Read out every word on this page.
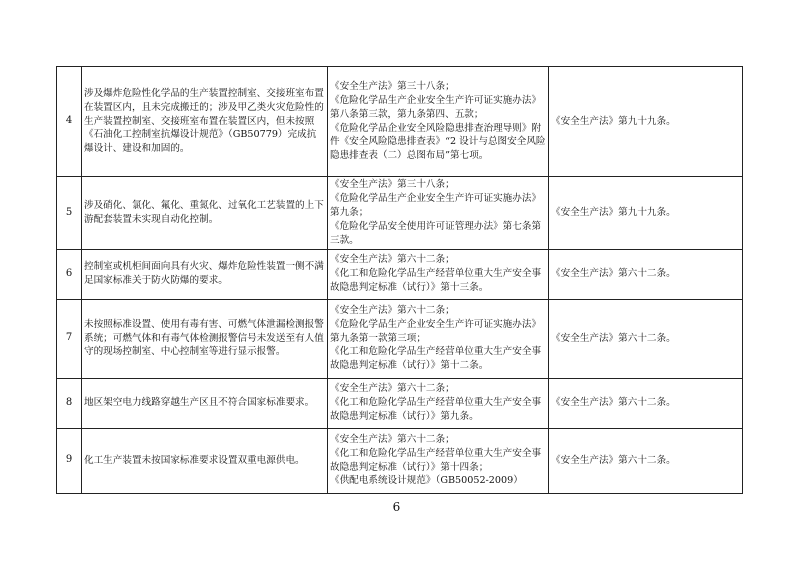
4	涉及爆炸危险性化学品的生产装置控制室、交接班室布置在装置区内，且未完成搬迁的；涉及甲乙类火灾危险性的生产装置控制室、交接班室布置在装置区内，但未按照《石油化工控制室抗爆设计规范》（GB50779）完成抗爆设计、建设和加固的。	《安全生产法》第三十八条；
《危险化学品生产企业安全生产许可证实施办法》第八条第三款，第九条第四、五款；
《危险化学品企业安全风险隐患排查治理导则》附件《安全风险隐患排查表》“2 设计与总图安全风险隐患排查表（二）总图布局”第七项。	《安全生产法》第九十九条。
5	涉及硝化、氯化、氟化、重氮化、过氧化工艺装置的上下游配套装置未实现自动化控制。	《安全生产法》第三十八条；
《危险化学品生产企业安全生产许可证实施办法》第九条；
《危险化学品安全使用许可证管理办法》第七条第三款。	《安全生产法》第九十九条。
6	控制室或机柜间面向具有火灾、爆炸危险性装置一侧不满足国家标准关于防火防爆的要求。	《安全生产法》第六十二条；
《化工和危险化学品生产经营单位重大生产安全事故隐患判定标准（试行）》第十三条。	《安全生产法》第六十二条。
7	未按照标准设置、使用有毒有害、可燃气体泄漏检测报警系统；可燃气体和有毒气体检测报警信号未发送至有人值守的现场控制室、中心控制室等进行显示报警。	《安全生产法》第六十二条；
《危险化学品生产企业安全生产许可证实施办法》第九条第一款第三项；
《化工和危险化学品生产经营单位重大生产安全事故隐患判定标准（试行）》第十二条。	《安全生产法》第六十二条。
8	地区架空电力线路穿越生产区且不符合国家标准要求。	《安全生产法》第六十二条；
《化工和危险化学品生产经营单位重大生产安全事故隐患判定标准（试行）》第九条。	《安全生产法》第六十二条。
9	化工生产装置未按国家标准要求设置双重电源供电。	《安全生产法》第六十二条；
《化工和危险化学品生产经营单位重大生产安全事故隐患判定标准（试行）》第十四条；
《供配电系统设计规范》（GB50052-2009）	《安全生产法》第六十二条。
6
